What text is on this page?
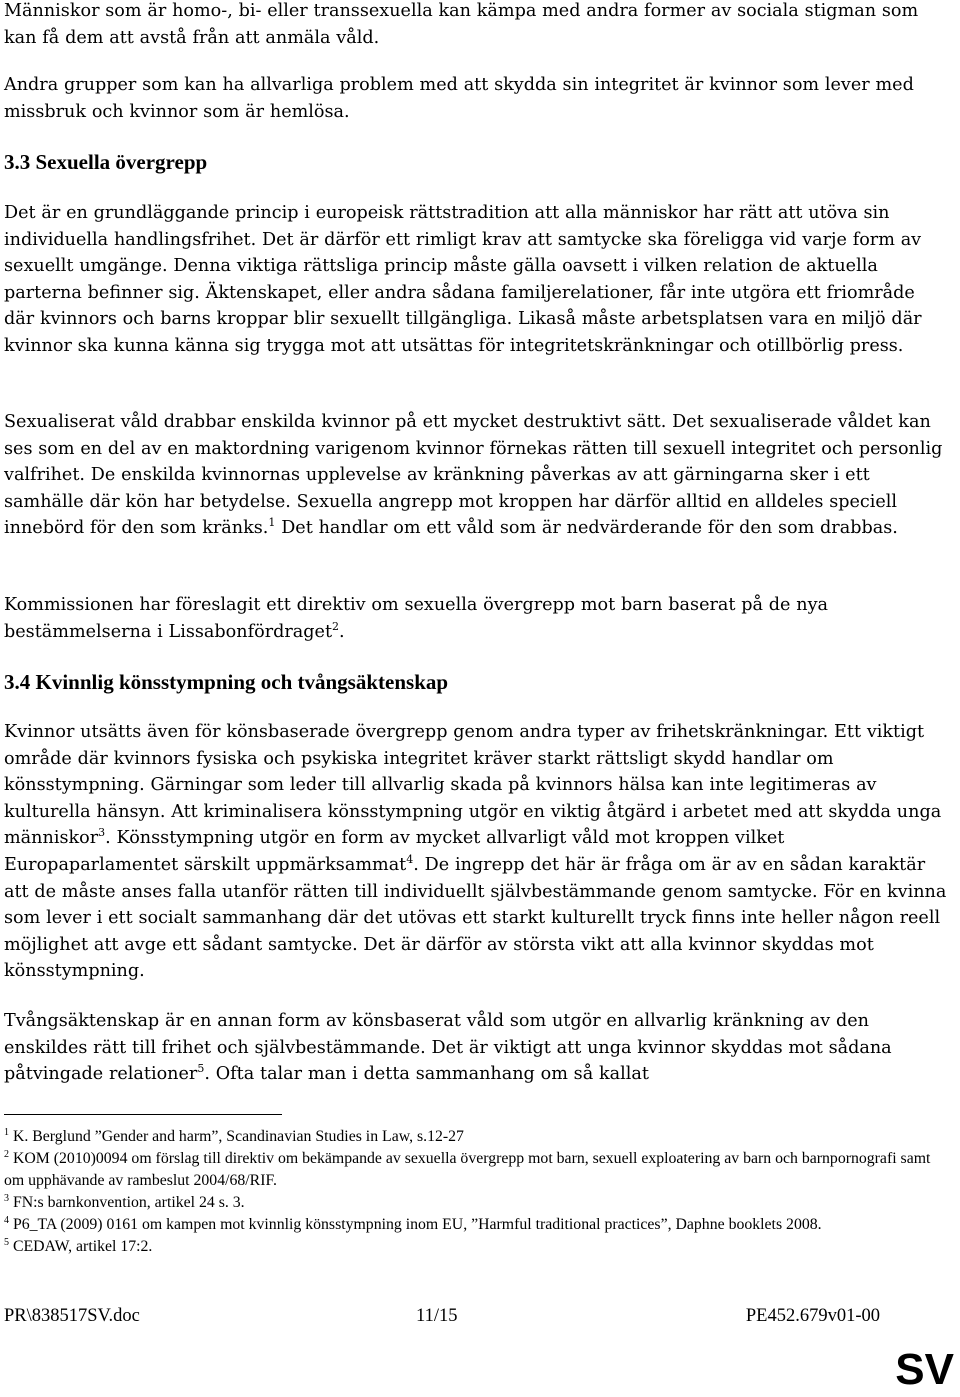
Människor som är homo-, bi- eller transsexuella kan kämpa med andra former av sociala stigman som kan få dem att avstå från att anmäla våld.

Andra grupper som kan ha allvarliga problem med att skydda sin integritet är kvinnor som lever med missbruk och kvinnor som är hemlösa.

3.3 Sexuella övergrepp

Det är en grundläggande princip i europeisk rättstradition att alla människor har rätt att utöva sin individuella handlingsfrihet. Det är därför ett rimligt krav att samtycke ska föreligga vid varje form av sexuellt umgänge. Denna viktiga rättsliga princip måste gälla oavsett i vilken relation de aktuella parterna befinner sig. Äktenskapet, eller andra sådana familjerelationer, får inte utgöra ett friområde där kvinnors och barns kroppar blir sexuellt tillgängliga. Likaså måste arbetsplatsen vara en miljö där kvinnor ska kunna känna sig trygga mot att utsättas för integritetskränkningar och otillbörlig press.

Sexualiserat våld drabbar enskilda kvinnor på ett mycket destruktivt sätt. Det sexualiserade våldet kan ses som en del av en maktordning varigenom kvinnor förnekas rätten till sexuell integritet och personlig valfrihet. De enskilda kvinnornas upplevelse av kränkning påverkas av att gärningarna sker i ett samhälle där kön har betydelse. Sexuella angrepp mot kroppen har därför alltid en alldeles speciell innebörd för den som kränks.$^1$ Det handlar om ett våld som är nedvärderande för den som drabbas.

Kommissionen har föreslagit ett direktiv om sexuella övergrepp mot barn baserat på de nya bestämmelserna i Lissabonfördraget$^2$.

3.4 Kvinnlig könsstympning och tvångsäktenskap

Kvinnor utsätts även för könsbaserade övergrepp genom andra typer av frihetskränkningar. Ett viktigt område där kvinnors fysiska och psykiska integritet kräver starkt rättsligt skydd handlar om könsstympning. Gärningar som leder till allvarlig skada på kvinnors hälsa kan inte legitimeras av kulturella hänsyn. Att kriminalisera könsstympning utgör en viktig åtgärd i arbetet med att skydda unga människor$^3$. Könsstympning utgör en form av mycket allvarligt våld mot kroppen vilket Europaparlamentet särskilt uppmärksammat$^4$. De ingrepp det här är fråga om är av en sådan karaktär att de måste anses falla utanför rätten till individuellt självbestämmande genom samtycke. För en kvinna som lever i ett socialt sammanhang där det utövas ett starkt kulturellt tryck finns inte heller någon reell möjlighet att avge ett sådant samtycke. Det är därför av största vikt att alla kvinnor skyddas mot könsstympning.

Tvångsäktenskap är en annan form av könsbaserat våld som utgör en allvarlig kränkning av den enskildes rätt till frihet och självbestämmande. Det är viktigt att unga kvinnor skyddas mot sådana påtvingade relationer$^5$. Ofta talar man i detta sammanhang om så kallat

$^1$ K. Berglund ”Gender and harm”, Scandinavian Studies in Law, s.12-27

$^2$ KOM (2010)0094 om förslag till direktiv om bekämpande av sexuella övergrepp mot barn, sexuell exploatering av barn och barnpornografi samt om upphävande av rambeslut 2004/68/RIF.

$^3$ FN:s barnkonvention, artikel 24 s. 3.

$^4$ P6_TA (2009) 0161 om kampen mot kvinnlig könsstympning inom EU, ”Harmful traditional practices”, Daphne booklets 2008.

$^5$ CEDAW, artikel 17:2.

PR\838517SV.doc	11/15	PE452.679v01-00
SV
